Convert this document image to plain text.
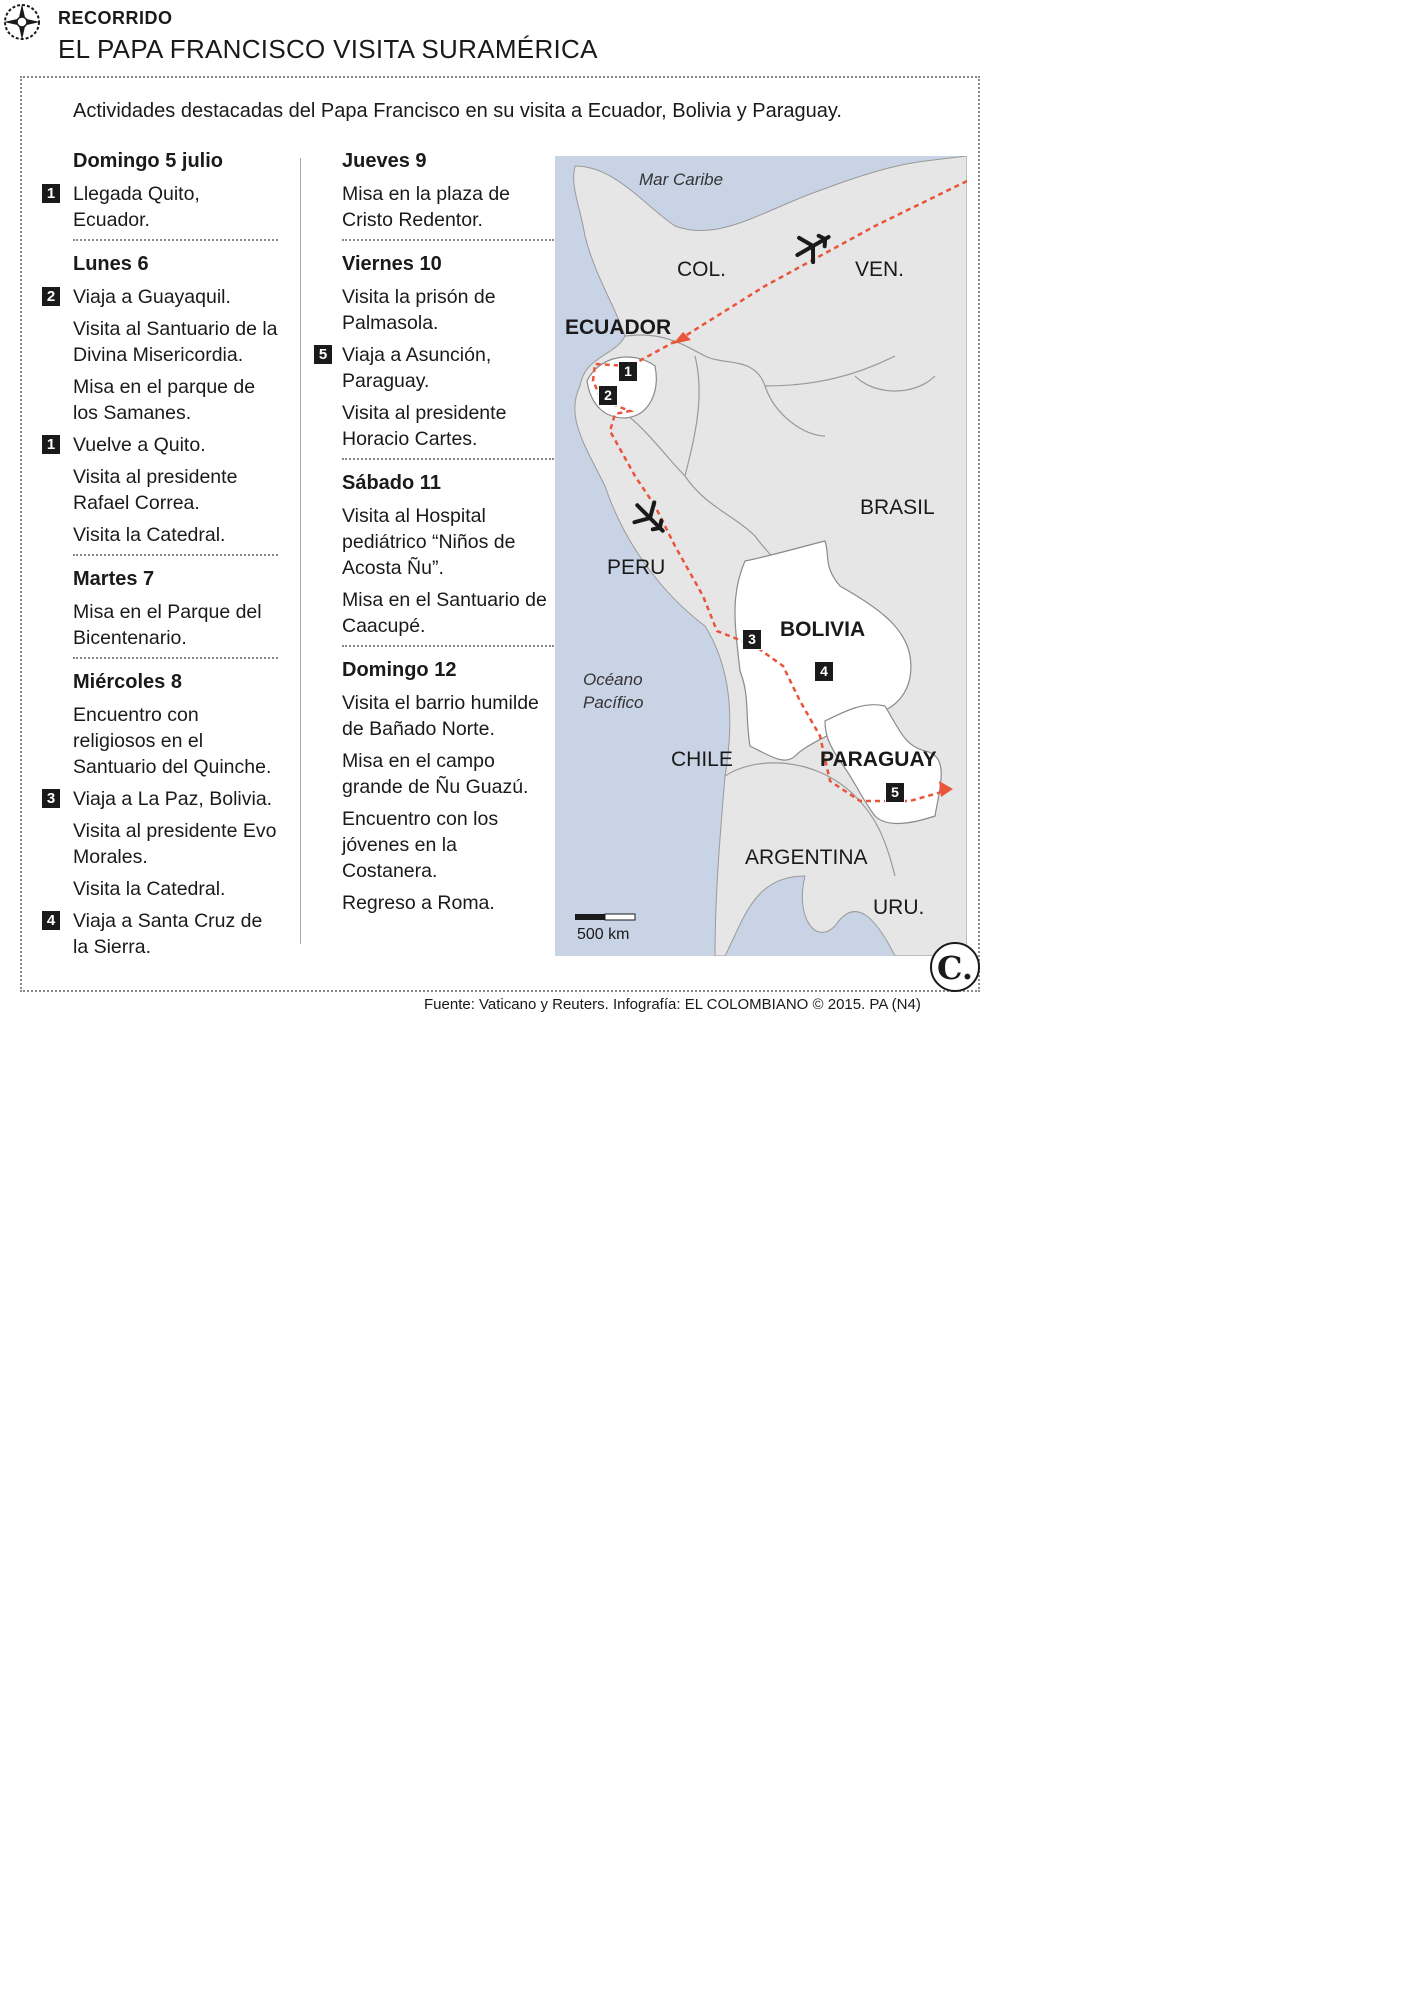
RECORRIDO
EL PAPA FRANCISCO VISITA SURAMÉRICA
Actividades destacadas del Papa Francisco en su visita a Ecuador, Bolivia y Paraguay.
Domingo 5 julio
1 Llegada Quito, Ecuador.
Lunes 6
2 Viaja a Guayaquil.
Visita al Santuario de la Divina Misericordia.
Misa en el parque de los Samanes.
1 Vuelve a Quito.
Visita al presidente Rafael Correa.
Visita la Catedral.
Martes 7
Misa en el Parque del Bicentenario.
Miércoles 8
Encuentro con religiosos en el Santuario del Quinche.
3 Viaja a La Paz, Bolivia.
Visita al presidente Evo Morales.
Visita la Catedral.
4 Viaja a Santa Cruz de la Sierra.
Jueves 9
Misa en la plaza de Cristo Redentor.
Viernes 10
Visita la prisón de Palmasola.
5 Viaja a Asunción, Paraguay.
Visita al presidente Horacio Cartes.
Sábado 11
Visita al Hospital pediátrico “Niños de Acosta Ñu”.
Misa en el Santuario de Caacupé.
Domingo 12
Visita el barrio humilde de Bañado Norte.
Misa en el campo grande de Ñu Guazú.
Encuentro con los jóvenes en la Costanera.
Regreso a Roma.
Mar Caribe
COL.	VEN.
ECUADOR
BRASIL
PERU
BOLIVIA
Océano Pacífico
CHILE	PARAGUAY
ARGENTINA
URU.
1
2
3
4
5
500 km
C.
Fuente: Vaticano y Reuters. Infografía: EL COLOMBIANO © 2015. PA (N4)
